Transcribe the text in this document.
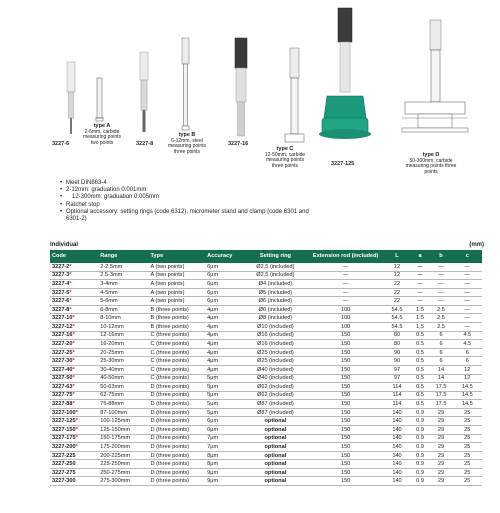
3227-6
type A
2-6mm, carbide measuring points two points	3227-8
type B
6-12mm, steel measuring points three points
3227-16
type C
12-50mm, carbide measuring points three points	3227-125
type D
50-300mm, carbide measuring points three points
• Meet DIN863-4
• 2-12mm: graduation 0.001mm
• 12-300mm: graduation 0.005mm
• Ratchet stop
• Optional accessory: setting rings (code 6312), micrometer stand and clamp (code 6301 and 6301-2)
Individual	(mm)
Code	Range	Type	Accuracy	Setting ring	Extension rod (included)	L	a	b	c
3227-2*	2-2.5mm	A (two points)	6μm	Ø2.5 (included)	—	12	—	—	—
3227-3*	2.5-3mm	A (two points)	6μm	Ø2.5 (included)	—	12	—	—	—
3227-4*	3-4mm	A (two points)	6μm	Ø4 (included)	—	22	—	—	—
3227-5*	4-5mm	A (two points)	6μm	Ø5 (included)	—	22	—	—	—
3227-6*	5-6mm	A (two points)	6μm	Ø6 (included)	—	22	—	—	—
3227-8*	6-8mm	B (three points)	4μm	Ø6 (included)	100	54.5	1.5	2.5	—
3227-10*	8-10mm	B (three points)	4μm	Ø8 (included)	100	54.5	1.5	2.5	—
3227-12*	10-12mm	B (three points)	4μm	Ø10 (included)	100	54.5	1.5	2.5	—
3227-16*	12-16mm	C (three points)	4μm	Ø16 (included)	150	80	0.5	6	4.5
3227-20*	16-20mm	C (three points)	4μm	Ø16 (included)	150	80	0.5	6	4.5
3227-25*	20-25mm	C (three points)	4μm	Ø25 (included)	150	90	0.5	6	6
3227-30*	25-30mm	C (three points)	4μm	Ø25 (included)	150	90	0.5	6	6
3227-40*	30-40mm	C (three points)	4μm	Ø40 (included)	150	97	0.5	14	12
3227-50*	40-50mm	C (three points)	5μm	Ø40 (included)	150	97	0.5	14	12
3227-63*	50-63mm	D (three points)	5μm	Ø62 (included)	150	114	0.5	17.5	14.5
3227-75*	62-75mm	D (three points)	5μm	Ø62 (included)	150	114	0.5	17.5	14.5
3227-88*	75-88mm	D (three points)	5μm	Ø87 (included)	150	114	0.5	17.5	14.5
3227-100*	87-100mm	D (three points)	5μm	Ø87 (included)	150	140	0.9	29	25
3227-125*	100-125mm	D (three points)	6μm	optional	150	140	0.9	29	25
3227-150*	125-150mm	D (three points)	6μm	optional	150	140	0.9	29	25
3227-175*	150-175mm	D (three points)	7μm	optional	150	140	0.9	29	25
3227-200*	175-200mm	D (three points)	7μm	optional	150	140	0.9	29	25
3227-225	200-225mm	D (three points)	8μm	optional	150	140	0.9	29	25
3227-250	225-250mm	D (three points)	8μm	optional	150	140	0.9	29	25
3227-275	250-275mm	D (three points)	9μm	optional	150	140	0.9	29	25
3227-300	275-300mm	D (three points)	9μm	optional	150	140	0.9	29	25
